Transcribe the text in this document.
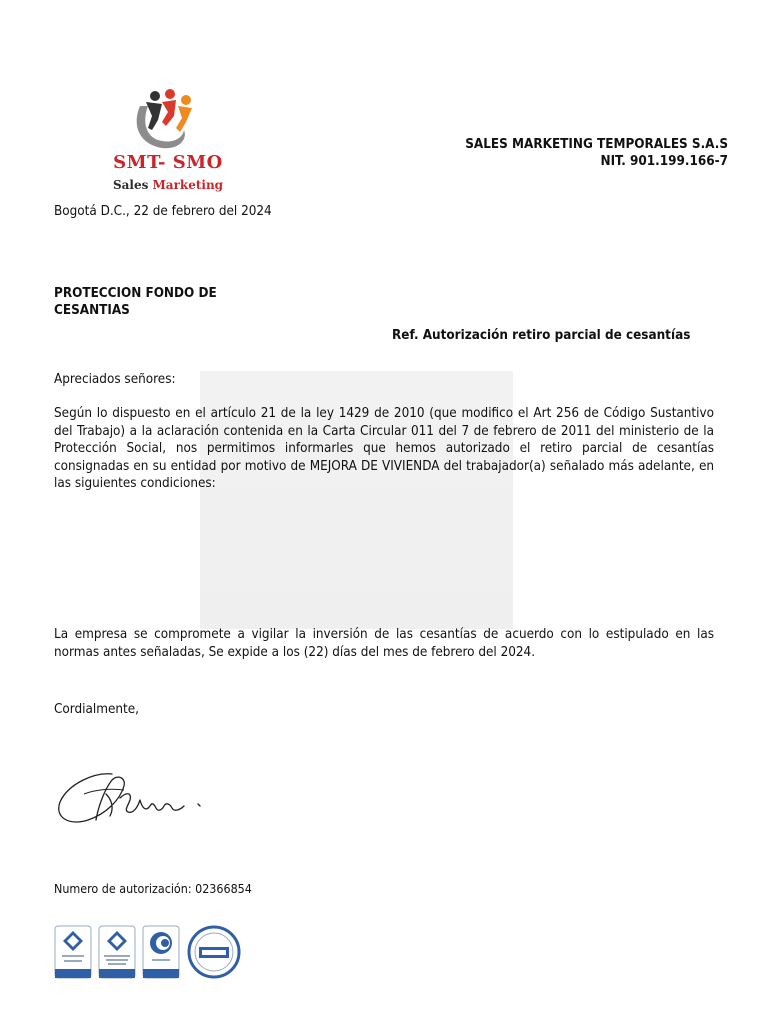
SMT- SMO
Sales Marketing
SALES MARKETING TEMPORALES S.A.S
NIT. 901.199.166-7
Bogotá D.C., 22 de febrero del 2024
PROTECCION FONDO DE
CESANTIAS
Ref. Autorización retiro parcial de cesantías
Apreciados señores:
Según lo dispuesto en el artículo 21 de la ley 1429 de 2010 (que modifico el Art 256 de Código Sustantivo del Trabajo) a la aclaración contenida en la Carta Circular 011 del 7 de febrero de 2011 del ministerio de la Protección Social, nos permitimos informarles que hemos autorizado el retiro parcial de cesantías consignadas en su entidad por motivo de MEJORA DE VIVIENDA del trabajador(a) señalado más adelante, en las siguientes condiciones:
La empresa se compromete a vigilar la inversión de las cesantías de acuerdo con lo estipulado en las normas antes señaladas, Se expide a los (22) días del mes de febrero del 2024.
Cordialmente,
Numero de autorización: 02366854
